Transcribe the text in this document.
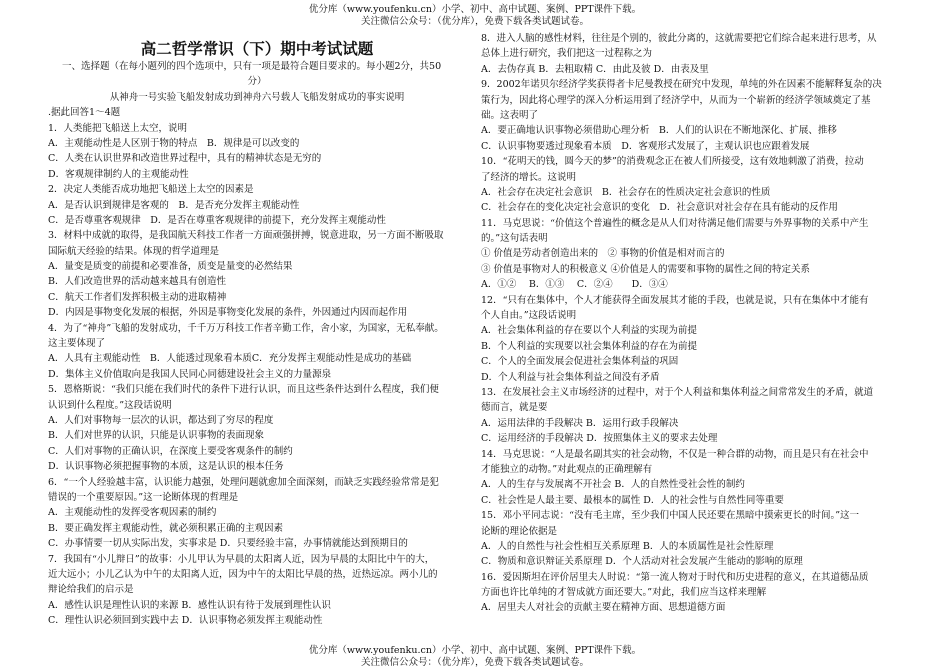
优分库（www.youfenku.cn）小学、初中、高中试题、案例、PPT课件下载。
关注微信公众号：（优分库），免费下载各类试题试卷。
高二哲学常识（下）期中考试试题
一、选择题（在每小题列的四个选项中，只有一项是最符合题目要求的。每小题2分，共50
分）
从神舟一号实验飞船发射成功到神舟六号载人飞船发射成功的事实说明
.据此回答1～4题
1．人类能把飞船送上太空，说明
A．主观能动性是人区别于物的特点　B．规律是可以改变的
C．人类在认识世界和改造世界过程中，具有的精神状态是无穷的
D．客观规律制约人的主观能动性
2．决定人类能否成功地把飞船送上太空的因素是
A．是否认识到规律是客观的　B．是否充分发挥主观能动性
C．是否尊重客观规律　D．是否在尊重客观规律的前提下，充分发挥主观能动性
3．材料中成就的取得，是我国航天科技工作者一方面顽强拼搏，锐意进取，另一方面不断吸取
国际航天经验的结果。体现的哲学道理是
A．量变是质变的前提和必要准备，质变是量变的必然结果
B．人们改造世界的活动越来越具有创造性
C．航天工作者们发挥积极主动的进取精神
D．内因是事物变化发展的根据，外因是事物变化发展的条件，外因通过内因而起作用
4．为了“神舟”飞船的发射成功，千千万万科技工作者辛勤工作，舍小家，为国家，无私奉献。
这主要体现了
A．人具有主观能动性　B．人能透过现象看本质C．充分发挥主观能动性是成功的基础
D．集体主义价值取向是我国人民同心同德建设社会主义的力量源泉
5．恩格斯说：“我们只能在我们时代的条件下进行认识，而且这些条件达到什么程度，我们便
认识到什么程度。”这段话说明
A．人们对事物每一层次的认识，都达到了穷尽的程度
B．人们对世界的认识，只能是认识事物的表面现象
C．人们对事物的正确认识，在深度上要受客观条件的制约
D．认识事物必须把握事物的本质，这是认识的根本任务
6．“一个人经验越丰富，认识能力越强，处理问题就愈加全面深刻，而缺乏实践经验常常是犯
错误的一个重要原因。”这一论断体现的哲理是
A．主观能动性的发挥受客观因素的制约
B．要正确发挥主观能动性，就必须积累正确的主观因素
C．办事情要一切从实际出发，实事求是 D．只要经验丰富，办事情就能达到预期目的
7．我国有“小儿辩日”的故事：小儿甲认为早晨的太阳离人近，因为早晨的太阳比中午的大，
近大远小；小儿乙认为中午的太阳离人近，因为中午的太阳比早晨的热，近热远凉。两小儿的
辩论给我们的启示是
A．感性认识是理性认识的来源 B．感性认识有待于发展到理性认识
C．理性认识必须回到实践中去 D．认识事物必须发挥主观能动性
8．进入人脑的感性材料，往往是个别的，彼此分离的，这就需要把它们综合起来进行思考，从
总体上进行研究，我们把这一过程称之为
A．去伪存真 B．去粗取精 C．由此及彼 D．由表及里
9．2002年诺贝尔经济学奖获得者卡尼曼教授在研究中发现，单纯的外在因素不能解释复杂的决
策行为，因此将心理学的深入分析运用到了经济学中，从而为一个崭新的经济学领域奠定了基
础。这表明了
A．要正确地认识事物必须借助心理分析　B．人们的认识在不断地深化、扩展、推移
C．认识事物要透过现象看本质　D．客观形式发展了，主观认识也应跟着发展
10．“花明天的钱，圆今天的梦”的消费观念正在被人们所接受，这有效地刺激了消费，拉动
了经济的增长。这说明
A．社会存在决定社会意识　B．社会存在的性质决定社会意识的性质
C．社会存在的变化决定社会意识的变化　D．社会意识对社会存在具有能动的反作用
11．马克思说：“价值这个普遍性的概念是从人们对待满足他们需要与外界事物的关系中产生
的。”这句话表明
① 价值是劳动者创造出来的　② 事物的价值是相对而言的
③ 价值是事物对人的积极意义 ④价值是人的需要和事物的属性之间的特定关系
A．①②　 B．①③　 C．②④　　D．③④
12．“只有在集体中，个人才能获得全面发展其才能的手段，也就是说，只有在集体中才能有
个人自由。”这段话说明
A．社会集体利益的存在要以个人利益的实现为前提
B．个人利益的实现要以社会集体利益的存在为前提
C．个人的全面发展会促进社会集体利益的巩固
D．个人利益与社会集体利益之间没有矛盾
13．在发展社会主义市场经济的过程中，对于个人利益和集体利益之间常常发生的矛盾，就道
德而言，就是要
A．运用法律的手段解决 B．运用行政手段解决
C．运用经济的手段解决 D．按照集体主义的要求去处理
14．马克思说：“人是最名副其实的社会动物，不仅是一种合群的动物，而且是只有在社会中
才能独立的动物。”对此观点的正确理解有
A．人的生存与发展离不开社会 B．人的自然性受社会性的制约
C．社会性是人最主要、最根本的属性 D．人的社会性与自然性同等重要
15．邓小平同志说：“没有毛主席，至少我们中国人民还要在黑暗中摸索更长的时间。”这一
论断的理论依据是
A．人的自然性与社会性相互关系原理 B．人的本质属性是社会性原理
C．物质和意识辩证关系原理 D．个人活动对社会发展产生能动的影响的原理
16．爱因斯坦在评价居里夫人时说：“第一流人物对于时代和历史进程的意义，在其道德品质
方面也许比单纯的才智成就方面还要大。”对此，我们应当这样来理解
A．居里夫人对社会的贡献主要在精神方面、思想道德方面
优分库（www.youfenku.cn）小学、初中、高中试题、案例、PPT课件下载。
关注微信公众号：（优分库），免费下载各类试题试卷。
